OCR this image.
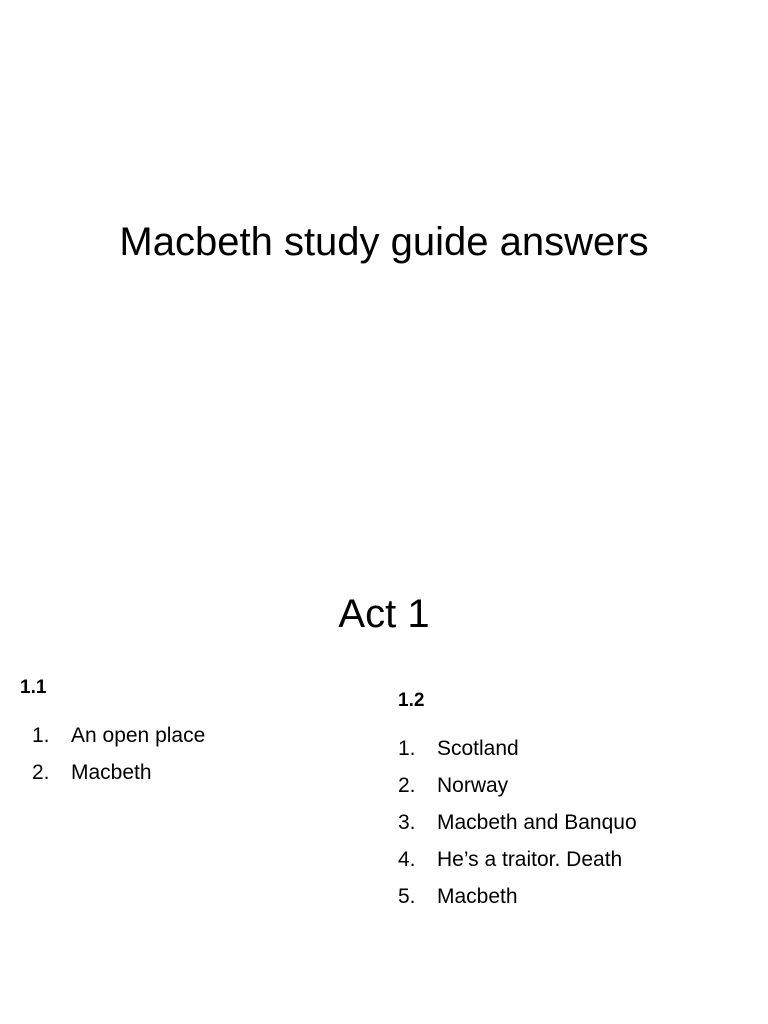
Macbeth study guide answers
Act 1
1.1
1.	An open place
2.	Macbeth
1.2
1.	Scotland
2.	Norway
3.	Macbeth and Banquo
4.	He’s a traitor. Death
5.	Macbeth
